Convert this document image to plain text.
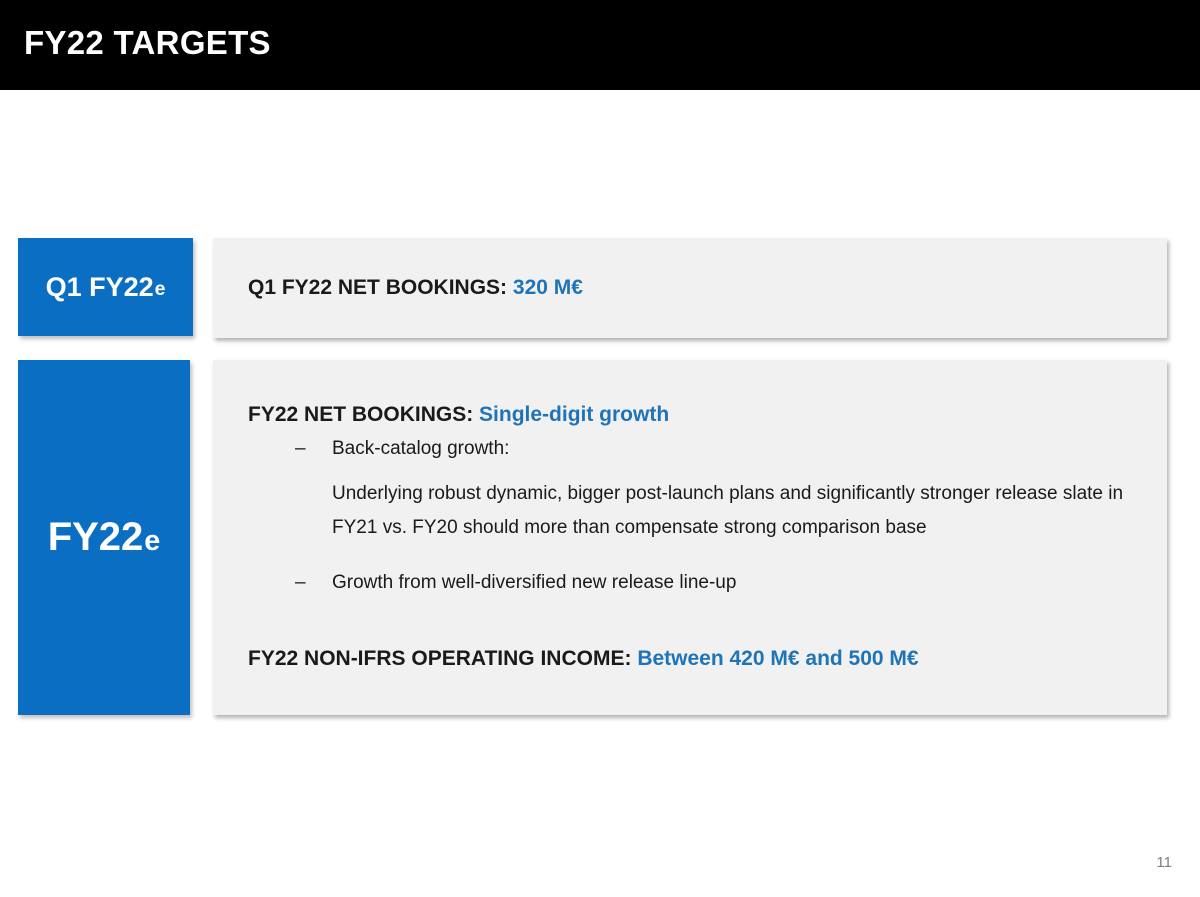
FY22 TARGETS
Q1 FY22 e	Q1 FY22 NET BOOKINGS: 320 M€
FY22 e
FY22 NET BOOKINGS: Single-digit growth
– Back-catalog growth:
Underlying robust dynamic, bigger post-launch plans and significantly stronger release slate in FY21 vs. FY20 should more than compensate strong comparison base
– Growth from well-diversified new release line-up
FY22 NON-IFRS OPERATING INCOME: Between 420 M€ and 500 M€
11
